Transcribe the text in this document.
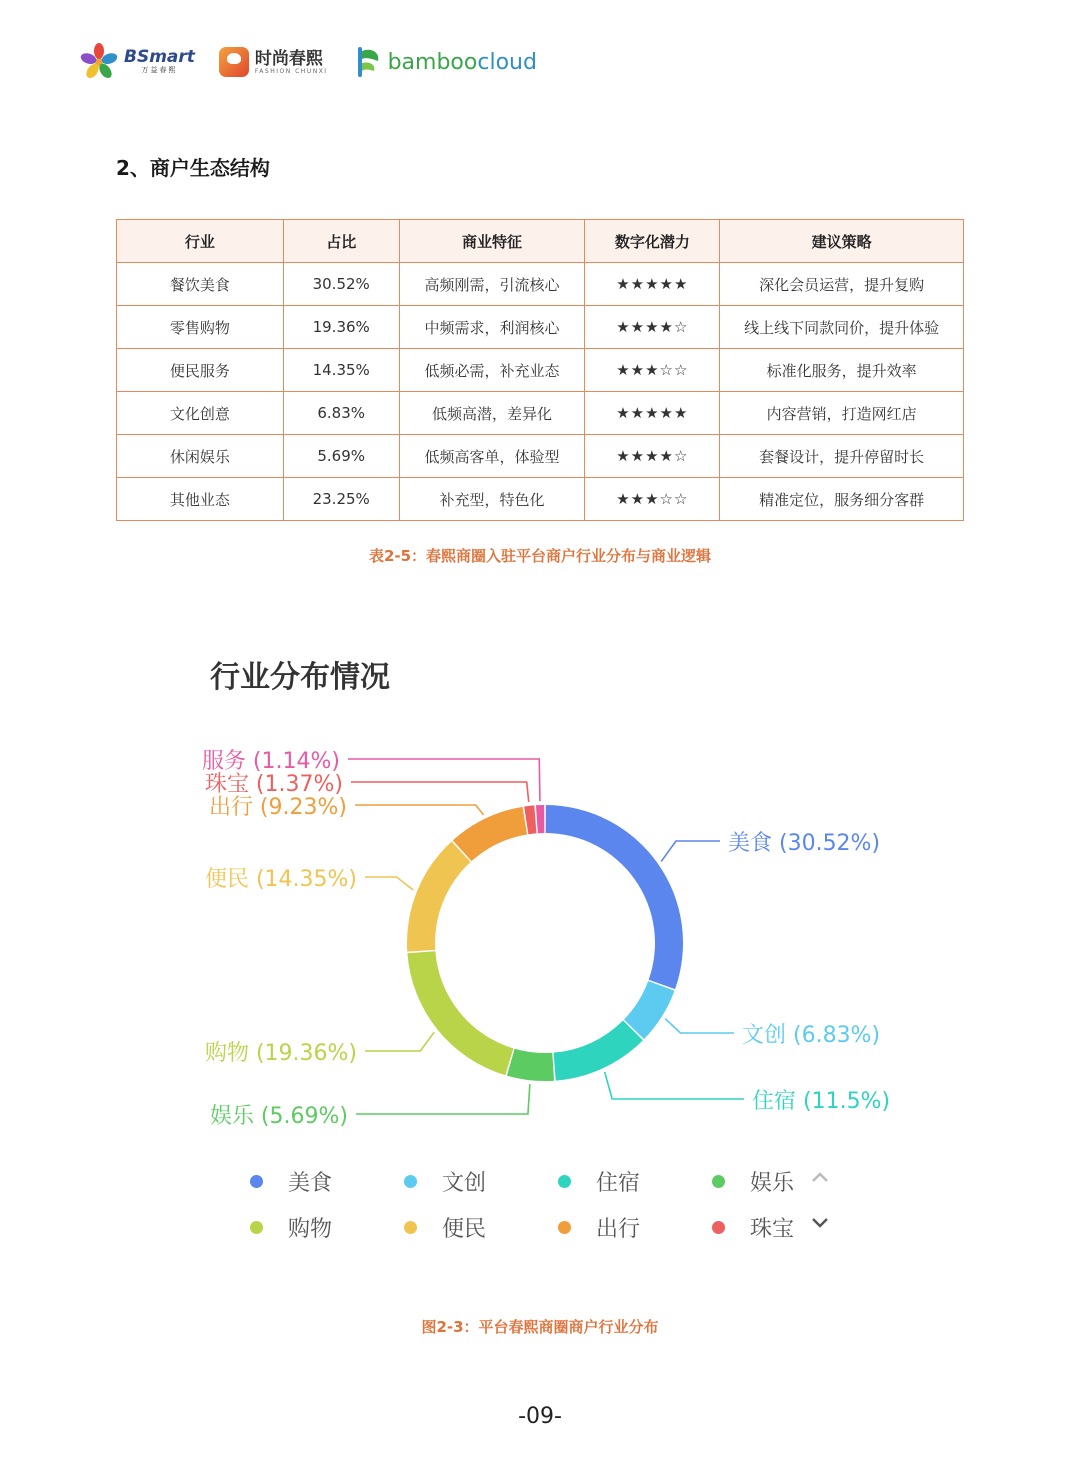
BSmart
万益春熙
时尚春熙
FASHION CHUNXI	bamboocloud
2、商户生态结构
行业	占比	商业特征	数字化潜力	建议策略
餐饮美食	30.52%	高频刚需，引流核心	★★★★★	深化会员运营，提升复购
零售购物	19.36%	中频需求，利润核心	★★★★☆	线上线下同款同价，提升体验
便民服务	14.35%	低频必需，补充业态	★★★☆☆	标准化服务，提升效率
文化创意	6.83%	低频高潜，差异化	★★★★★	内容营销，打造网红店
休闲娱乐	5.69%	低频高客单，体验型	★★★★☆	套餐设计，提升停留时长
其他业态	23.25%	补充型，特色化	★★★☆☆	精准定位，服务细分客群
表2-5：春熙商圈入驻平台商户行业分布与商业逻辑
行业分布情况
美食 (30.52%)
文创 (6.83%)
住宿 (11.5%)
娱乐 (5.69%)
购物 (19.36%)
便民 (14.35%)
出行 (9.23%)
珠宝 (1.37%)
服务 (1.14%)
美食	文创	住宿	娱乐
购物	便民	出行	珠宝
图2-3：平台春熙商圈商户行业分布
-09-
